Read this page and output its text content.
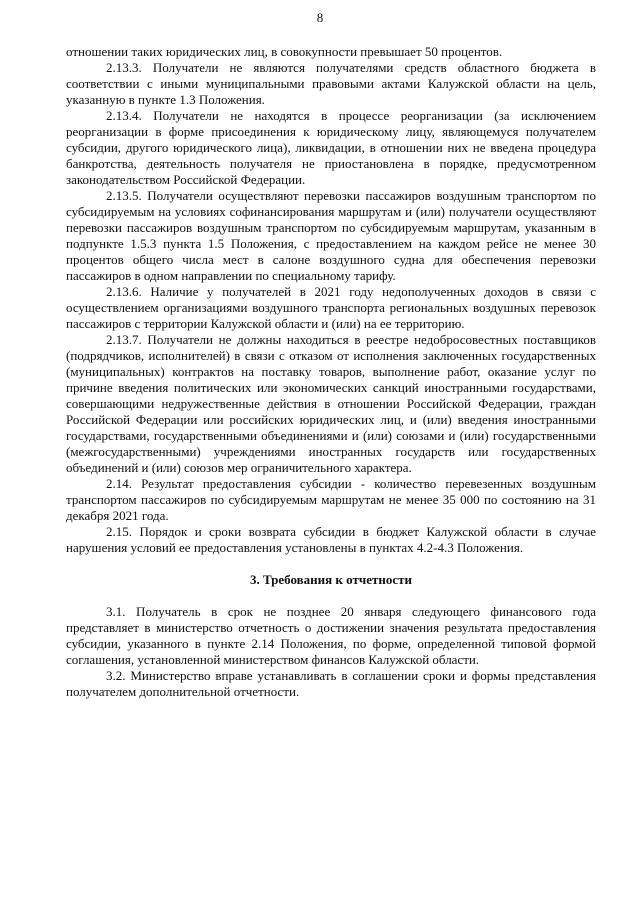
8

отношении таких юридических лиц, в совокупности превышает 50 процентов.

2.13.3. Получатели не являются получателями средств областного бюджета в соответствии с иными муниципальными правовыми актами Калужской области на цель, указанную в пункте 1.3 Положения.

2.13.4. Получатели не находятся в процессе реорганизации (за исключением реорганизации в форме присоединения к юридическому лицу, являющемуся получателем субсидии, другого юридического лица), ликвидации, в отношении них не введена процедура банкротства, деятельность получателя не приостановлена в порядке, предусмотренном законодательством Российской Федерации.

2.13.5. Получатели осуществляют перевозки пассажиров воздушным транспортом по субсидируемым на условиях софинансирования маршрутам и (или) получатели осуществляют перевозки пассажиров воздушным транспортом по субсидируемым маршрутам, указанным в подпункте 1.5.3 пункта 1.5 Положения, с предоставлением на каждом рейсе не менее 30 процентов общего числа мест в салоне воздушного судна для обеспечения перевозки пассажиров в одном направлении по специальному тарифу.

2.13.6. Наличие у получателей в 2021 году недополученных доходов в связи с осуществлением организациями воздушного транспорта региональных воздушных перевозок пассажиров с территории Калужской области и (или) на ее территорию.

2.13.7. Получатели не должны находиться в реестре недобросовестных поставщиков (подрядчиков, исполнителей) в связи с отказом от исполнения заключенных государственных (муниципальных) контрактов на поставку товаров, выполнение работ, оказание услуг по причине введения политических или экономических санкций иностранными государствами, совершающими недружественные действия в отношении Российской Федерации, граждан Российской Федерации или российских юридических лиц, и (или) введения иностранными государствами, государственными объединениями и (или) союзами и (или) государственными (межгосударственными) учреждениями иностранных государств или государственных объединений и (или) союзов мер ограничительного характера.

2.14. Результат предоставления субсидии - количество перевезенных воздушным транспортом пассажиров по субсидируемым маршрутам не менее 35 000 по состоянию на 31 декабря 2021 года.

2.15. Порядок и сроки возврата субсидии в бюджет Калужской области в случае нарушения условий ее предоставления установлены в пунктах 4.2-4.3 Положения.

3. Требования к отчетности

3.1. Получатель в срок не позднее 20 января следующего финансового года представляет в министерство отчетность о достижении значения результата предоставления субсидии, указанного в пункте 2.14 Положения, по форме, определенной типовой формой соглашения, установленной министерством финансов Калужской области.

3.2. Министерство вправе устанавливать в соглашении сроки и формы представления получателем дополнительной отчетности.
